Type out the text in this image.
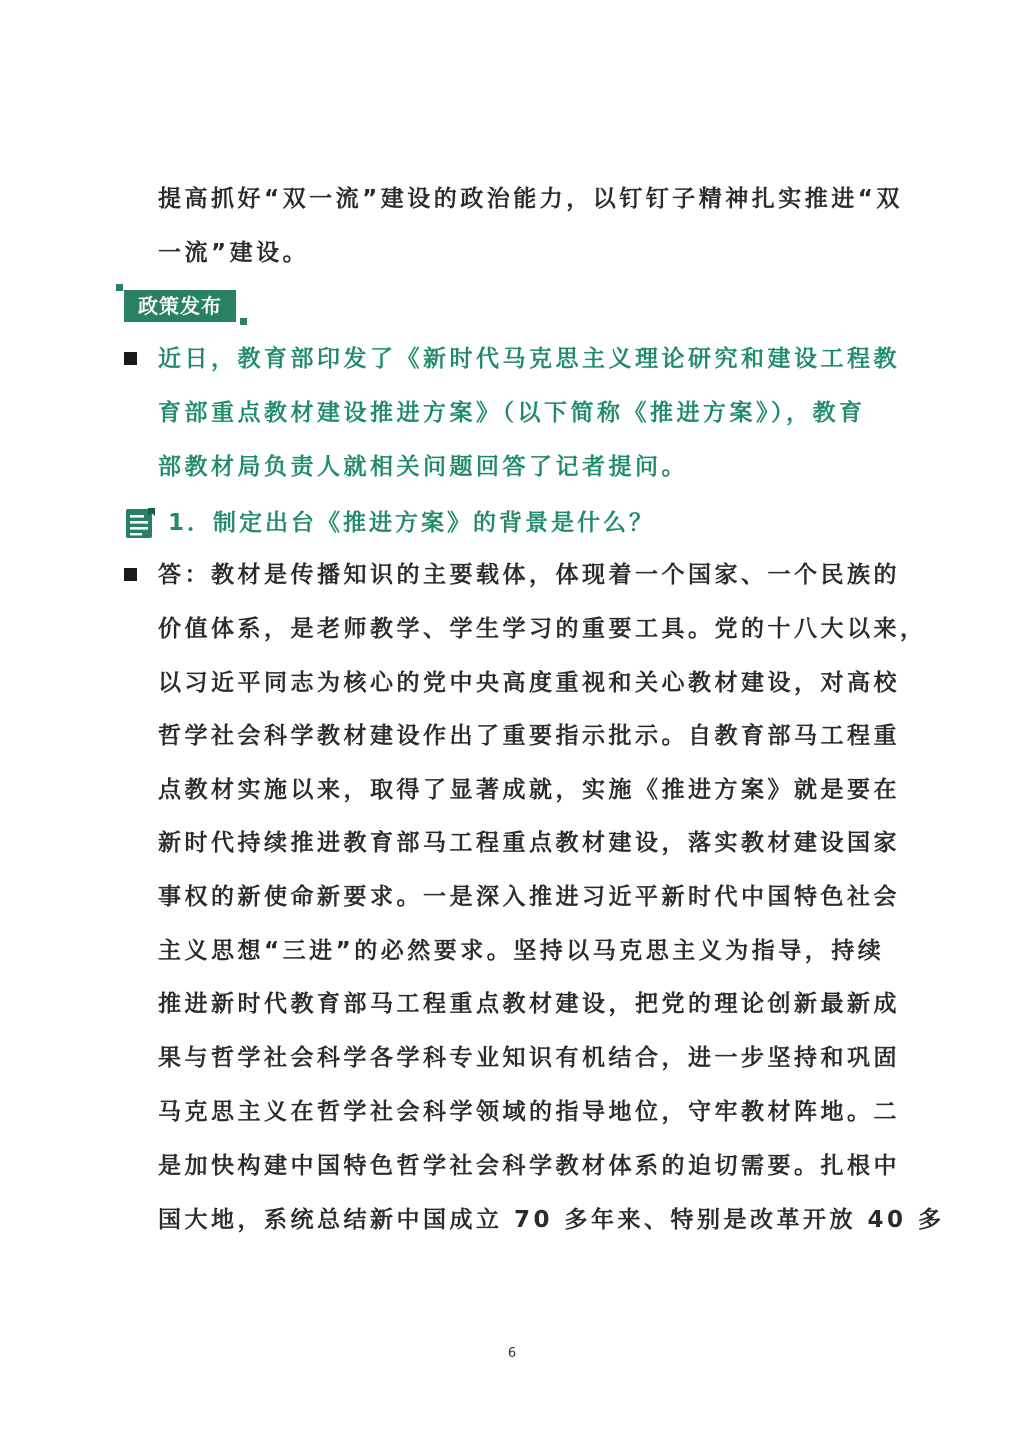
提高抓好“双一流”建设的政治能力，以钉钉子精神扎实推进“双
一流”建设。
政策发布
近日，教育部印发了《新时代马克思主义理论研究和建设工程教
育部重点教材建设推进方案》（以下简称《推进方案》），教育
部教材局负责人就相关问题回答了记者提问。
1．制定出台《推进方案》的背景是什么？
答：教材是传播知识的主要载体，体现着一个国家、一个民族的
价值体系，是老师教学、学生学习的重要工具。党的十八大以来，
以习近平同志为核心的党中央高度重视和关心教材建设，对高校
哲学社会科学教材建设作出了重要指示批示。自教育部马工程重
点教材实施以来，取得了显著成就，实施《推进方案》就是要在
新时代持续推进教育部马工程重点教材建设，落实教材建设国家
事权的新使命新要求。一是深入推进习近平新时代中国特色社会
主义思想“三进”的必然要求。坚持以马克思主义为指导，持续
推进新时代教育部马工程重点教材建设，把党的理论创新最新成
果与哲学社会科学各学科专业知识有机结合，进一步坚持和巩固
马克思主义在哲学社会科学领域的指导地位，守牢教材阵地。二
是加快构建中国特色哲学社会科学教材体系的迫切需要。扎根中
国大地，系统总结新中国成立 70 多年来、特别是改革开放 40 多
6
